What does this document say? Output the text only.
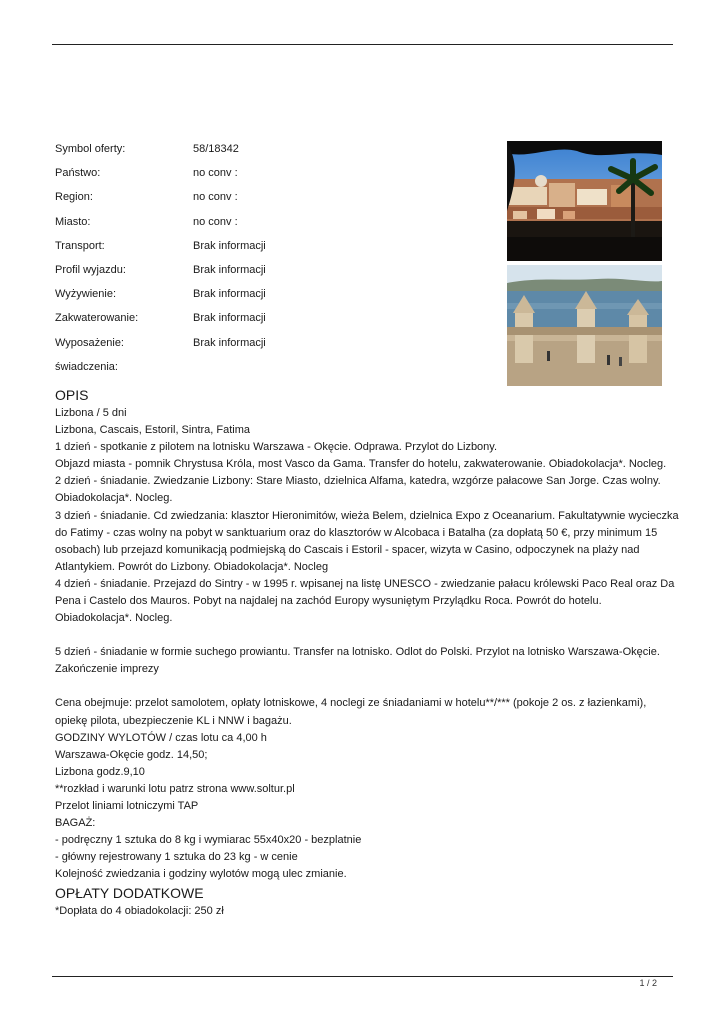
Symbol oferty:	58/18342
Państwo:	no conv :
Region:	no conv :
Miasto:	no conv :
Transport:	Brak informacji
Profil wyjazdu:	Brak informacji
Wyżywienie:	Brak informacji
Zakwaterowanie:	Brak informacji
Wyposażenie:	Brak informacji
świadczenia:
OPIS

Lizbona / 5 dni

Lizbona, Cascais, Estoril, Sintra, Fatima

1 dzień - spotkanie z pilotem na lotnisku Warszawa - Okęcie. Odprawa. Przylot do Lizbony.

Objazd miasta - pomnik Chrystusa Króla, most Vasco da Gama. Transfer do hotelu, zakwaterowanie. Obiadokolacja*. Nocleg.

2 dzień - śniadanie. Zwiedzanie Lizbony: Stare Miasto, dzielnica Alfama, katedra, wzgórze pałacowe San Jorge. Czas wolny. Obiadokolacja*. Nocleg.

3 dzień - śniadanie. Cd zwiedzania: klasztor Hieronimitów, wieża Belem, dzielnica Expo z Oceanarium. Fakultatywnie wycieczka do Fatimy - czas wolny na pobyt w sanktuarium oraz do klasztorów w Alcobaca i Batalha (za dopłatą 50 €, przy minimum 15 osobach) lub przejazd komunikacją podmiejską do Cascais i Estoril - spacer, wizyta w Casino, odpoczynek na plaży nad Atlantykiem. Powrót do Lizbony. Obiadokolacja*. Nocleg

4 dzień - śniadanie. Przejazd do Sintry - w 1995 r. wpisanej na listę UNESCO - zwiedzanie pałacu królewski Paco Real oraz Da Pena i Castelo dos Mauros. Pobyt na najdalej na zachód Europy wysuniętym Przylądku Roca. Powrót do hotelu. Obiadokolacja*. Nocleg.

5 dzień - śniadanie w formie suchego prowiantu. Transfer na lotnisko. Odlot do Polski. Przylot na lotnisko Warszawa-Okęcie. Zakończenie imprezy

Cena obejmuje: przelot samolotem, opłaty lotniskowe, 4 noclegi ze śniadaniami w hotelu**/*** (pokoje 2 os. z łazienkami), opiekę pilota, ubezpieczenie KL i NNW i bagażu.

GODZINY WYLOTÓW / czas lotu ca 4,00 h

Warszawa-Okęcie godz. 14,50;

Lizbona godz.9,10

**rozkład i warunki lotu patrz strona www.soltur.pl

Przelot liniami lotniczymi TAP

BAGAŻ:

- podręczny 1 sztuka do 8 kg i wymiarac 55x40x20 - bezplatnie

- główny rejestrowany 1 sztuka do 23 kg - w cenie

Kolejność zwiedzania i godziny wylotów mogą ulec zmianie.

OPŁATY DODATKOWE

*Dopłata do 4 obiadokolacji: 250 zł

1 / 2
